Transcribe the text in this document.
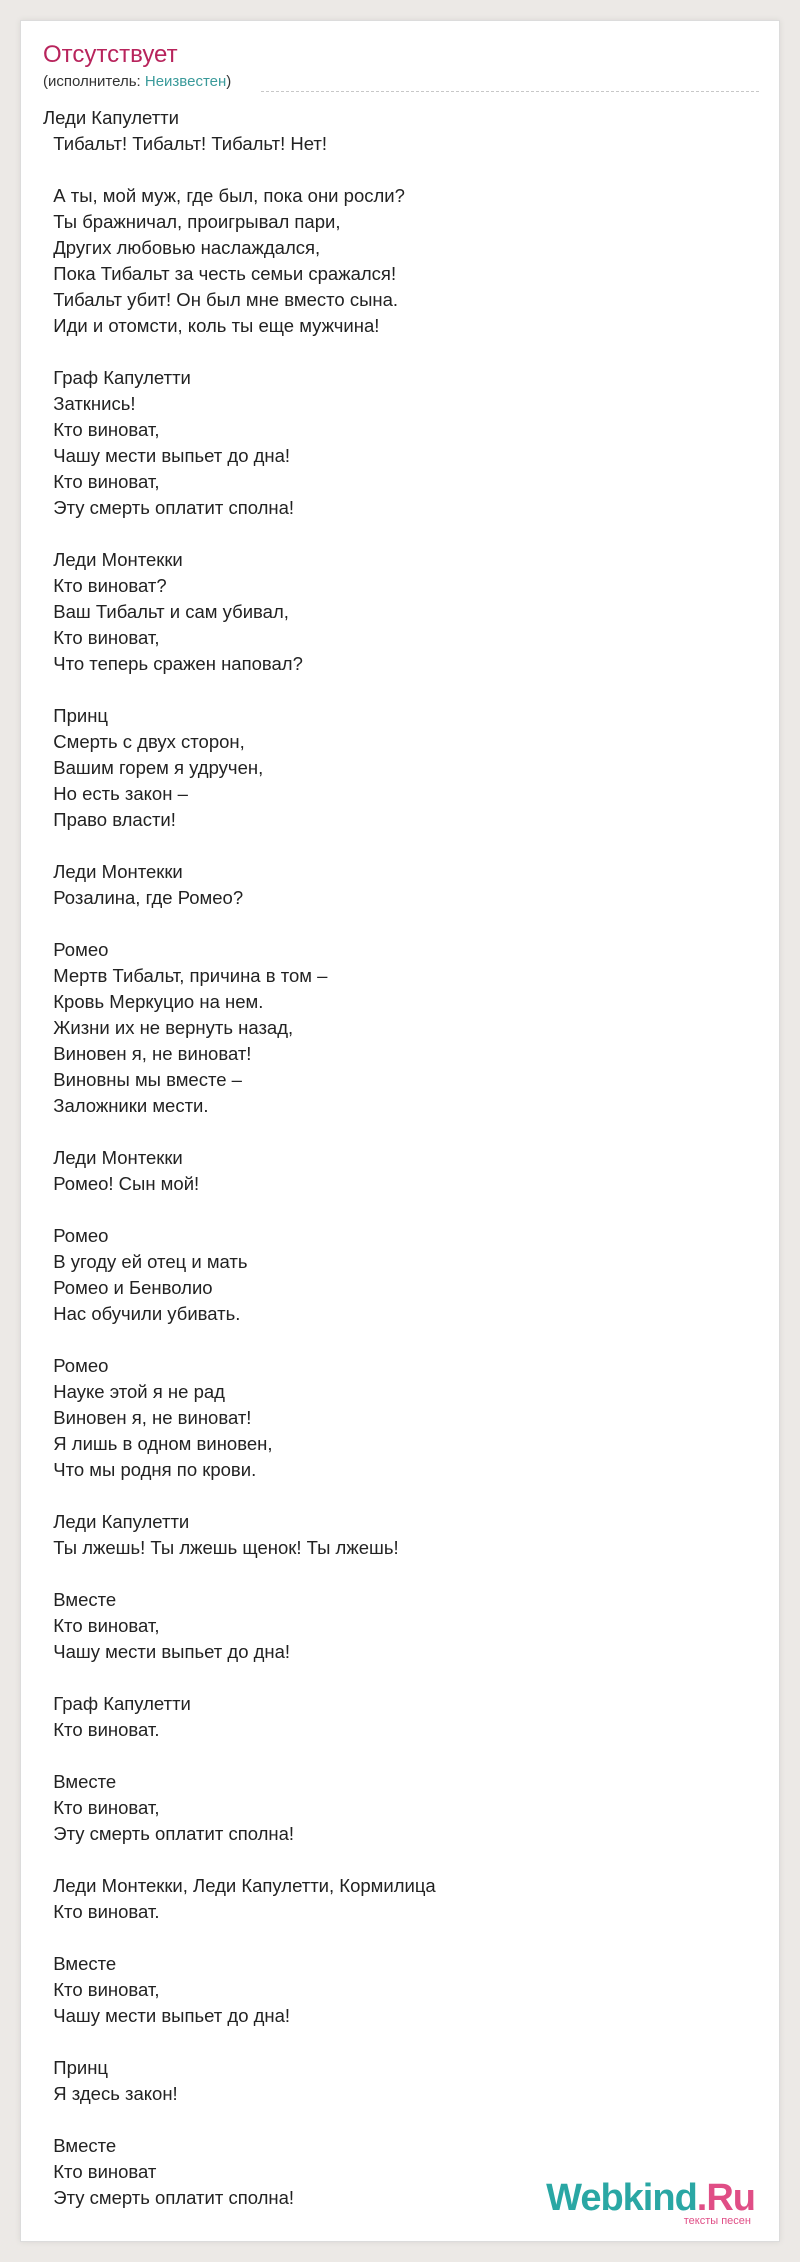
Отсутствует
(исполнитель: Неизвестен)
Леди Капулетти
Тибальт! Тибальт! Тибальт! Нет!
А ты, мой муж, где был, пока они росли?
Ты бражничал, проигрывал пари,
Других любовью наслаждался,
Пока Тибальт за честь семьи сражался!
Тибальт убит! Он был мне вместо сына.
Иди и отомсти, коль ты еще мужчина!
Граф Капулетти
Заткнись!
Кто виноват,
Чашу мести выпьет до дна!
Кто виноват,
Эту смерть оплатит сполна!
Леди Монтекки
Кто виноват?
Ваш Тибальт и сам убивал,
Кто виноват,
Что теперь сражен наповал?
Принц
Смерть с двух сторон,
Вашим горем я удручен,
Но есть закон –
Право власти!
Леди Монтекки
Розалина, где Ромео?
Ромео
Мертв Тибальт, причина в том –
Кровь Меркуцио на нем.
Жизни их не вернуть назад,
Виновен я, не виноват!
Виновны мы вместе –
Заложники мести.
Леди Монтекки
Ромео! Сын мой!
Ромео
В угоду ей отец и мать
Ромео и Бенволио
Нас обучили убивать.
Ромео
Науке этой я не рад
Виновен я, не виноват!
Я лишь в одном виновен,
Что мы родня по крови.
Леди Капулетти
Ты лжешь! Ты лжешь щенок! Ты лжешь!
Вместе
Кто виноват,
Чашу мести выпьет до дна!
Граф Капулетти
Кто виноват.
Вместе
Кто виноват,
Эту смерть оплатит сполна!
Леди Монтекки, Леди Капулетти, Кормилица
Кто виноват.
Вместе
Кто виноват,
Чашу мести выпьет до дна!
Принц
Я здесь закон!
Вместе
Кто виноват
Эту смерть оплатит сполна!	Webkind.Ru
тексты песен
